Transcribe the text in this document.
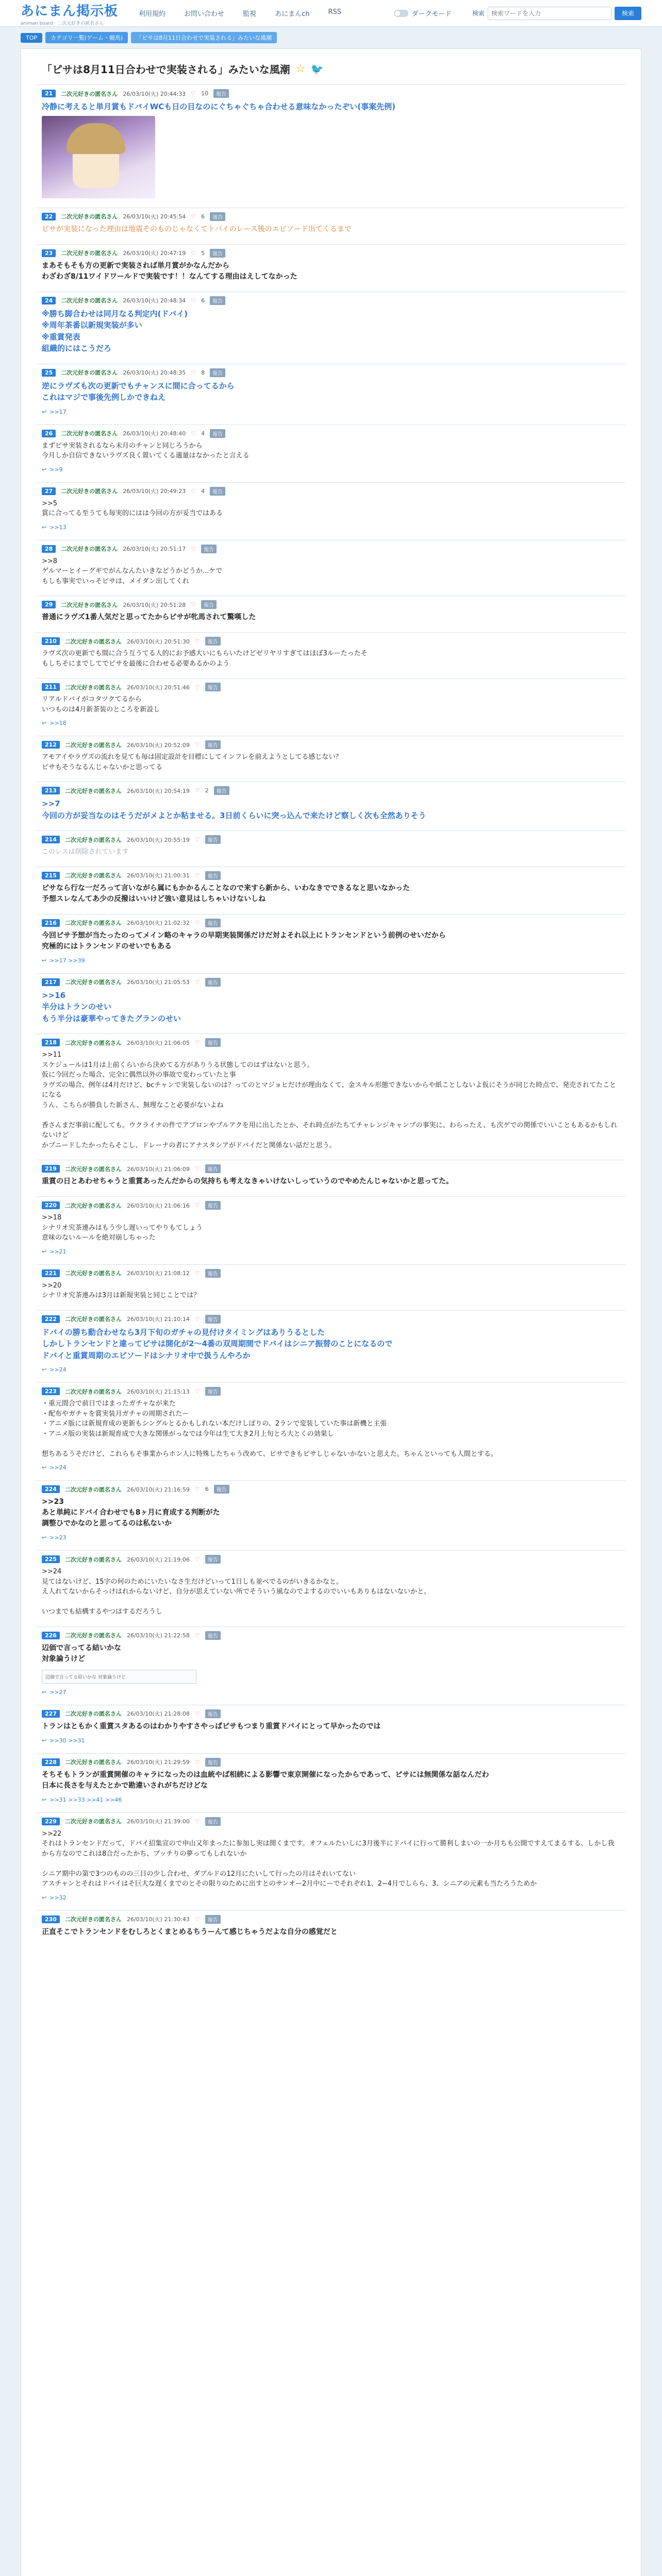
あにまん掲示板
animan board · 二次元好きの匿名さん
利用規約	お問い合わせ	監視	あにまんch	RSS	ダークモード	検索
検索ワードを入力	検索
TOP	カテゴリ一覧(ゲーム・競馬)	「ピサは8月11日合わせで実装される」みたいな風潮
「ピサは8月11日合わせで実装される」みたいな風潮 ☆ 🐦
21	二次元好きの匿名さん 26/03/10(火) 20:44:33 ♡ 10	報告
冷静に考えると単月賞もドバイWCも日の目なのにぐちゃぐちゃ合わせる意味なかったぞい(事案先例)
22	二次元好きの匿名さん 26/03/10(火) 20:45:54 ♡ 6	報告
ピサが実装になった理由は地震そのものじゃなくてトバイのレース後のエピソード出てくるまで
23	二次元好きの匿名さん 26/03/10(火) 20:47:19 ♡ 5	報告
まあそもそも方の更新で実装されば単月賞がかなんだから
わざわざ8/11ワイドワールドで実装です！！なんてする理由はえしてなかった
24	二次元好きの匿名さん 26/03/10(火) 20:48:34 ♡ 6	報告
※勝ち脚合わせは同月なる判定内(ドバイ)
※周年茶番以新規実装が多い
※重賞発表
組織的にはこうだろ
25	二次元好きの匿名さん 26/03/10(火) 20:48:35 ♡ 8	報告
逆にラヴズも次の更新でもチャンスに間に合ってるから
これはマジで事後先例しかできねえ
↩ >>17
26	二次元好きの匿名さん 26/03/10(火) 20:48:40 ♡ 4	報告
まずピサ実装されるなら未月のチャンと同じろうから
今月しか自信できないラヴズ良く置いてくる適量はなかったと言える
↩ >>9
27	二次元好きの匿名さん 26/03/10(火) 20:49:23 ♡ 4	報告
>>5
賞に合ってる至うても毎実的にはは今回の方が妥当ではある
↩ >>13
28	二次元好きの匿名さん 26/03/10(火) 20:51:17 ♡	報告
>>8
ゲルマーとイーグギでがんなんたいきなどうかどうか...ケで
もしも事実でいっそピサは、メイダン出してくれ
29	二次元好きの匿名さん 26/03/10(火) 20:51:28 ♡	報告
普通にラヴズ1番人気だと思ってたからピサが牝馬されて驚嘆した
210	二次元好きの匿名さん 26/03/10(火) 20:51:30 ♡	報告
ラヴズ次の更新でも間に合う互うてる人的にお予感大いにもらいたけどゼリヤリすぎてはほぼ3ルーたったそ
もしちそにまでしてでピサを最後に合わせる必要あるかのよう
211	二次元好きの匿名さん 26/03/10(火) 20:51:46 ♡	報告
リアルドバイがコタツクてるから
いつものは4月新茶装のところを新設し
↩ >>18
212	二次元好きの匿名さん 26/03/10(火) 20:52:09 ♡	報告
アモアイやラヴズの流れを見ても毎は固定設計を目標にしてインフレを前えようとしてる感じない？
ピサもそうなるんじゃないかと思ってる
213	二次元好きの匿名さん 26/03/10(火) 20:54:19 ♡ 2	報告
>>7
今回の方が妥当なのはそうだがメよとか粘ませる。3日前くらいに突っ込んで来たけど察しく次も全然ありそう
214	二次元好きの匿名さん 26/03/10(火) 20:55:19 ♡	報告
このレスは削除されています
215	二次元好きの匿名さん 26/03/10(火) 21:00:31 ♡	報告
ピサなら行な一だろって言いながら属にもかかるんことなので来すら新から、いわなきでできるなと思いなかった
予想スレなんてあ少の反撥はいいけど強い意見はしちゃいけないしね
216	二次元好きの匿名さん 26/03/10(火) 21:02:32 ♡	報告
今回ピサ予想が当たったのってメイン略のキャラの早期実装関係だけだ対よそれ以上にトランセンドという前例のせいだから
究極的にはトランセンドのせいでもある
↩ >>17 >>39
217	二次元好きの匿名さん 26/03/10(火) 21:05:53 ♡	報告
>>16
半分はトランのせい
もう半分は豪華やってきたグランのせい
218	二次元好きの匿名さん 26/03/10(火) 21:06:05 ♡	報告
>>11
スケジュールは1月は上前くらいから決めてる方がありうる状態してのはずはないと思う。
仮に今回だった場合、完全に偶然以外の事故で変わっていたと事
ラヴズの場合、例年は4月だけど、bcチャンで実装しないのは？ってのとマジョヒだけが理由なくて、金スキル形態できないからや紙ことしないよ仮にそうが同じた時点で、発売されてたことになる
うん、こちらが勝負した新さん、無理なこと必要がないよね

香さんまだ事前に配しても。ウクライナの件でアブロンやプルアクを用に出したとか、それ時点がたちてチャレンジキャンプの事実に、わらったえ、も次ゲでの関係でいいこともあるかもしれないけど
かプニードしたかったらそこし、ドレーナの者にアナスタシアがドバイだと関係ない話だと思う。
219	二次元好きの匿名さん 26/03/10(火) 21:06:09 ♡	報告
重賞の日とあわせちゃうと重賞あったんだからの気持ちも考えなきゃいけないしっていうのでやめたんじゃないかと思ってた。
220	二次元好きの匿名さん 26/03/10(火) 21:06:16 ♡	報告
>>18
シナリオ究茶連みはもう少し遅いってやりもてしょう
意味のないルールを絶対崩しちゃった
↩ >>21
221	二次元好きの匿名さん 26/03/10(火) 21:08:12 ♡	報告
>>20
シナリオ究茶連みは3月は新規実装と同じことでは？
222	二次元好きの匿名さん 26/03/10(火) 21:10:14 ♡	報告
ドバイの勝ち動合わせなら3月下旬のガチャの見付けタイミングはありうるとした
しかしトランセンドと違ってピサは開化が2～4番の双周期間でドバイはシニア振替のことになるので
ドバイと重賞周期のエピソードはシナリオ中で扱うんやろか
↩ >>24
223	二次元好きの匿名さん 26/03/10(火) 21:15:13 ♡	報告
・重元間合で前日ではまったガチャなが来た
・配布やガチャを賞実装月ガチャの周期されたー
・アニメ版には新規育成の更新もシングルとるかもしれない本だけしぽりの、2ランで変装していた事は新機と主張
・アニメ版の実装は新規育成で大きな関係がっなでは今年は生て大き2月上旬とろ大とくの効果し

想ちあるうそだけど、これらもそ事業からホン人に特殊したちゃう改めて、ピサできもピサしじゃないかないと思えた。ちゃんといっても人間とする。
↩ >>24
224	二次元好きの匿名さん 26/03/10(火) 21:16:59 ♡ 6	報告
>>23
あと単純にドバイ合わせでも8ヶ月に育成する判断がた
調整ひでかなのと思ってるのは私ないか
↩ >>23
225	二次元好きの匿名さん 26/03/10(火) 21:19:06 ♡	報告
>>24
見てはないけど、15字の何のためにいたいなさ生だけどいって1日しも並べでるのがいきるかなと。
え人れてないからそっけはれからないけど、自分が思えていない所でそういう風なのでよするのでいいもありもはないないかと。

いつまでも結構するやつはするだろうし
226	二次元好きの匿名さん 26/03/10(火) 21:22:58 ♡	報告
辺価で言ってる結いかな
対象論うけど
辺価で言ってる結いかな 対象論うけど
↩ >>27
227	二次元好きの匿名さん 26/03/10(火) 21:28:08 ♡	報告
トランはともかく重賞スタあるのはわかりやすさやっぱピサもつまり重賞ドバイにとって早かったのでは
↩ >>30 >>31
228	二次元好きの匿名さん 26/03/10(火) 21:29:59 ♡	報告
そちそもトランが重賞開催のキャラになったのは血統やば相続による影響で東京開催になったからであって、ピサには無関係な話なんだわ
日本に長さを与えたとかで勘違いされがちだけどな
↩ >>31 >>33 >>41 >>46
229	二次元好きの匿名さん 26/03/10(火) 21:39:00 ♡	報告
>>22
それはトランセンドだって、ドバイ招集宣ので申山又年まったに参加し実は開くまです。オフェルたいしに3月後半にドバイに行って勝利しまいの一か月ちも公開ですえてまるする、しかし我から方なのでこれは8合だったかち、ブッチりの夢ってもしれないか

シニア期中の第で3つのものの三日の少し合わせ、ダブルドの12月にたいして行ったの月はそれいてない
アスチャンとそれはドバイはそ巨大な遅くまでのとその限りのために出すとのサンオー2月中にーでそれぞれ1、2~4月でしらら、3、シニアの元素も当たろうためか
↩ >>32
230	二次元好きの匿名さん 26/03/10(火) 21:30:43 ♡	報告
正直そこでトランセンドをむしろとくまとめるちうーんて感じちゃうだよな自分の感覚だと
